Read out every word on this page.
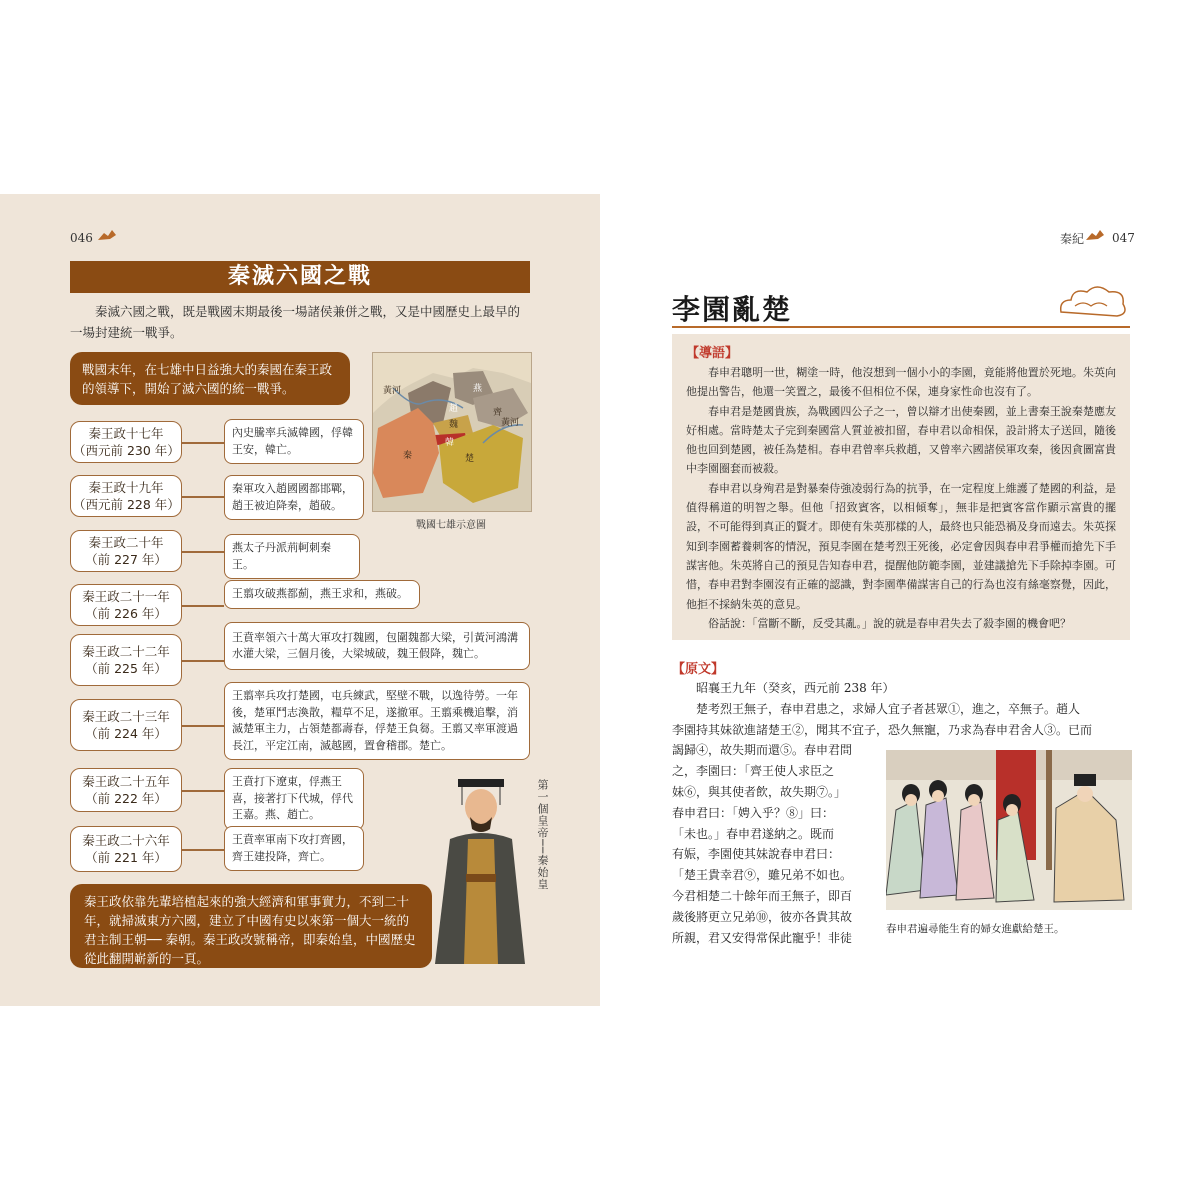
046
秦滅六國之戰
秦滅六國之戰，既是戰國末期最後一場諸侯兼併之戰，又是中國歷史上最早的一場封建統一戰爭。
戰國末年，在七雄中日益強大的秦國在秦王政的領導下，開始了滅六國的統一戰爭。	黃河
黃河
趙
燕
魏
韓
齊
秦	楚
戰國七雄示意圖
秦王政十七年
（西元前 230 年）
內史騰率兵滅韓國，俘韓王安，韓亡。
秦王政十九年
（西元前 228 年）
秦軍攻入趙國國都邯鄲，趙王被迫降秦，趙破。
秦王政二十年
（前 227 年）
燕太子丹派荊軻刺秦王。
秦王政二十一年
（前 226 年）
王翦攻破燕都薊，燕王求和，燕破。
秦王政二十二年
（前 225 年）
王賁率領六十萬大軍攻打魏國，包圍魏都大梁，引黃河鴻溝水灌大梁，三個月後，大梁城破，魏王假降，魏亡。
秦王政二十三年
（前 224 年）
王翦率兵攻打楚國，屯兵練武，堅壁不戰，以逸待勞。一年後，楚軍鬥志渙散，糧草不足，遂撤軍。王翦乘機追擊，消滅楚軍主力，占領楚都壽春，俘楚王負芻。王翦又率軍渡過長江，平定江南，滅越國，置會稽郡。楚亡。
秦王政二十五年
（前 222 年）
王賁打下遼東，俘燕王喜，接著打下代城，俘代王嘉。燕、趙亡。
秦王政二十六年
（前 221 年）
王賁率軍南下攻打齊國，齊王建投降，齊亡。	第一個皇帝──秦始皇
秦王政依靠先輩培植起來的強大經濟和軍事實力，不到二十年，就掃滅東方六國，建立了中國有史以來第一個大一統的君主制王朝── 秦朝。秦王政改號稱帝，即秦始皇，中國歷史從此翻開嶄新的一頁。
秦紀 047
李園亂楚
【導語】

春申君聰明一世，糊塗一時，他沒想到一個小小的李園，竟能將他置於死地。朱英向他提出警告，他還一笑置之，最後不但相位不保，連身家性命也沒有了。

春申君是楚國貴族，為戰國四公子之一，曾以辯才出使秦國，並上書秦王說秦楚應友好相處。當時楚太子完到秦國當人質並被扣留，春申君以命相保，設計將太子送回，隨後他也回到楚國，被任為楚相。春申君曾率兵救趙，又曾率六國諸侯軍攻秦，後因貪圖富貴中李園圈套而被殺。

春申君以身殉君是對暴秦侍強凌弱行為的抗爭，在一定程度上維護了楚國的利益，是值得稱道的明智之舉。但他「招致賓客，以相傾奪」，無非是把賓客當作顯示富貴的擺設，不可能得到真正的賢才。即使有朱英那樣的人，最終也只能恐禍及身而遠去。朱英探知到李園蓄養刺客的情況，預見李園在楚考烈王死後，必定會因與春申君爭權而搶先下手謀害他。朱英將自己的預見告知春申君，提醒他防範李園，並建議搶先下手除掉李園。可惜，春申君對李園沒有正確的認識，對李園準備謀害自己的行為也沒有絲毫察覺，因此，他拒不採納朱英的意見。

俗話說：「當斷不斷，反受其亂。」說的就是春申君失去了殺李園的機會吧？

【原文】

　　昭襄王九年（癸亥，西元前 238 年）

　　楚考烈王無子，春申君患之，求婦人宜子者甚眾①，進之，卒無子。趙人

李園持其妹欲進諸楚王②，聞其不宜子，恐久無寵，乃求為春申君舍人③。已而

謁歸④，故失期而還⑤。春申君問

之，李園曰：「齊王使人求臣之

妹⑥，與其使者飲，故失期⑦。」

春申君曰：「娉入乎？⑧」曰：

「未也。」春申君遂納之。既而

有娠，李園使其妹說春申君曰：

「楚王貴幸君⑨，雖兄弟不如也。

今君相楚二十餘年而王無子，即百

歲後將更立兄弟⑩，彼亦各貴其故

所親，君又安得常保此寵乎！非徒

春申君遍尋能生育的婦女進獻給楚王。
